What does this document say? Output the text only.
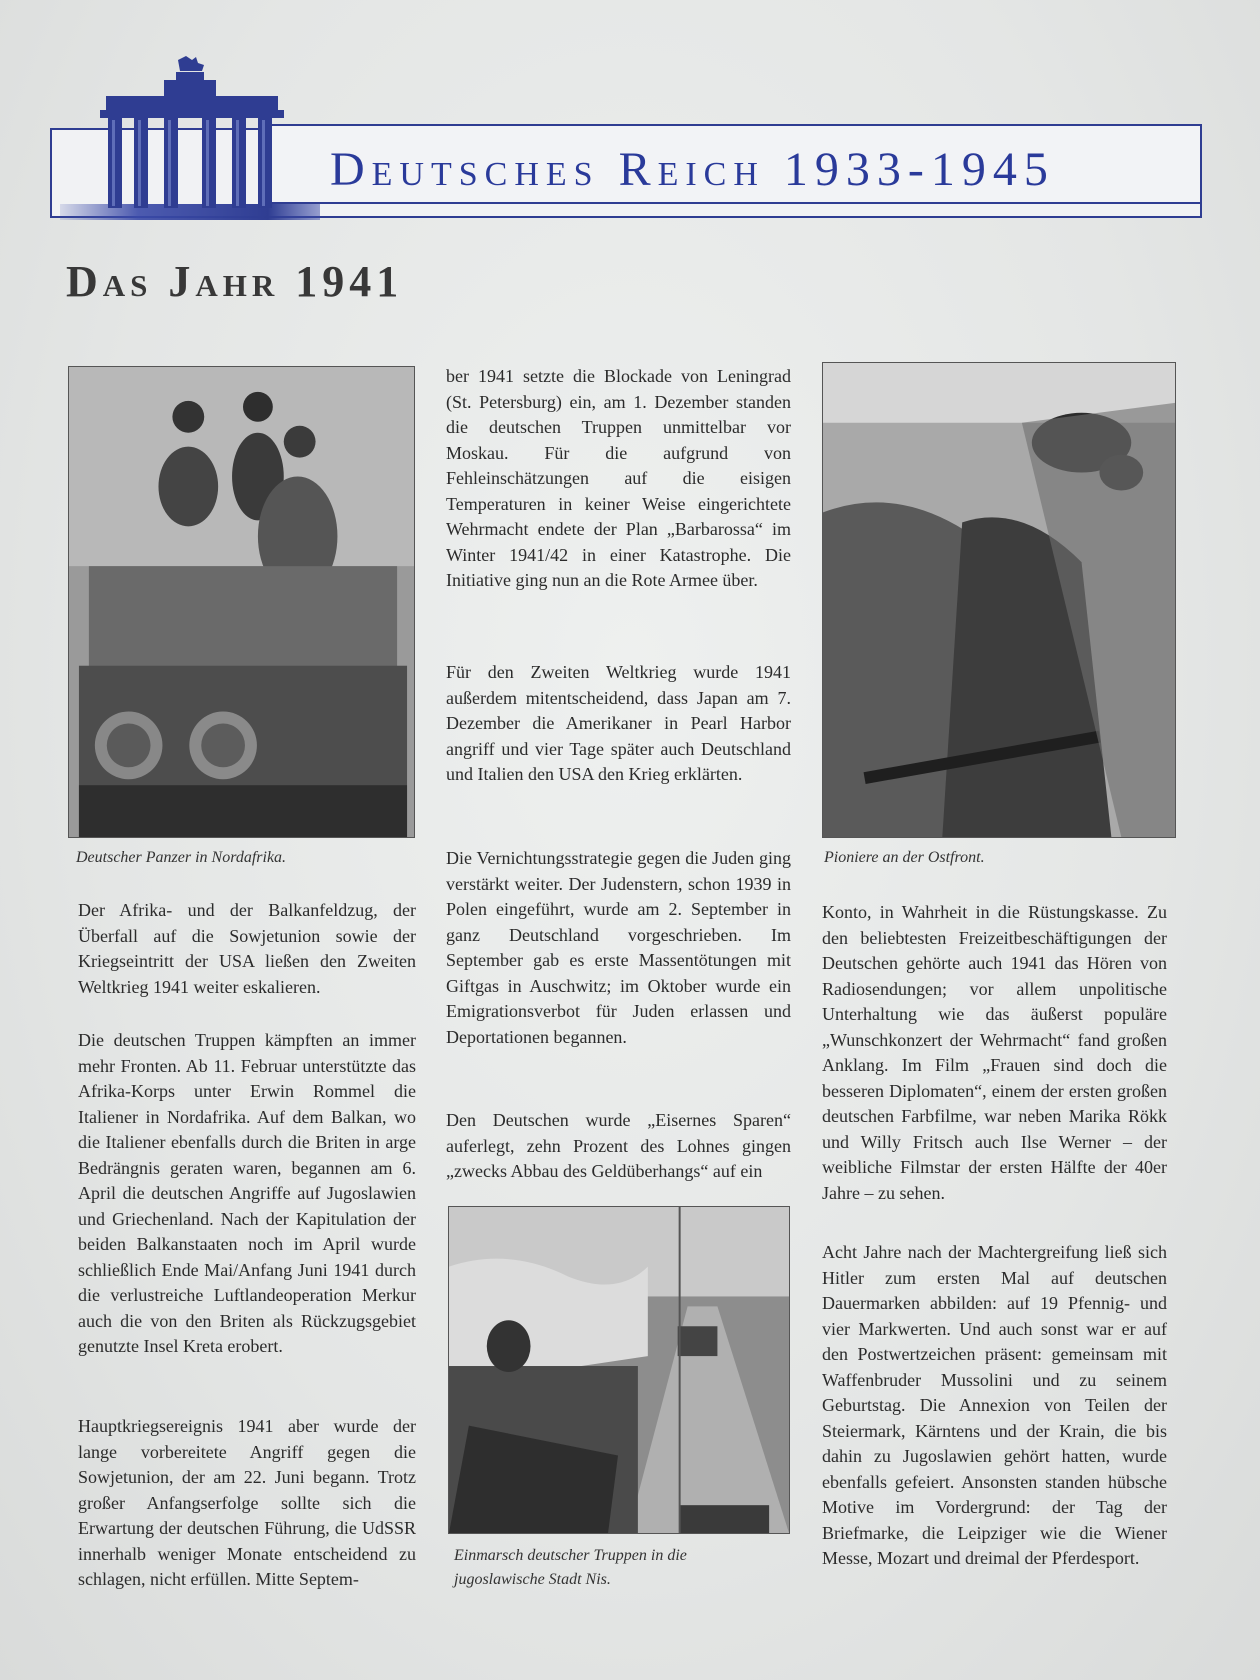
Deutsches Reich 1933-1945
Das Jahr 1941
Deutscher Panzer in Nordafrika.	Pioniere an der Ostfront.
Einmarsch deutscher Truppen in die
jugoslawische Stadt Nis.
Der Afrika- und der Balkanfeldzug, der Überfall auf die Sowjetunion sowie der Kriegseintritt der USA ließen den Zweiten Weltkrieg 1941 weiter eskalieren.
Die deutschen Truppen kämpften an immer mehr Fronten. Ab 11. Februar unterstützte das Afrika-Korps unter Erwin Rommel die Italiener in Nordafrika. Auf dem Balkan, wo die Italiener ebenfalls durch die Briten in arge Bedrängnis geraten waren, begannen am 6. April die deutschen Angriffe auf Jugoslawien und Griechenland. Nach der Kapitulation der beiden Balkanstaaten noch im April wurde schließlich Ende Mai/Anfang Juni 1941 durch die verlustreiche Luftlandeoperation Merkur auch die von den Briten als Rückzugsgebiet genutzte Insel Kreta erobert.
Hauptkriegsereignis 1941 aber wurde der lange vorbereitete Angriff gegen die Sowjetunion, der am 22. Juni begann. Trotz großer Anfangserfolge sollte sich die Erwartung der deutschen Führung, die UdSSR innerhalb weniger Monate entscheidend zu schlagen, nicht erfüllen. Mitte Septem-
ber 1941 setzte die Blockade von Leningrad (St. Petersburg) ein, am 1. Dezember standen die deutschen Truppen unmittelbar vor Moskau. Für die aufgrund von Fehleinschätzungen auf die eisigen Temperaturen in keiner Weise eingerichtete Wehrmacht endete der Plan „Barbarossa“ im Winter 1941/42 in einer Katastrophe. Die Initiative ging nun an die Rote Armee über.
Für den Zweiten Weltkrieg wurde 1941 außerdem mitentscheidend, dass Japan am 7. Dezember die Amerikaner in Pearl Harbor angriff und vier Tage später auch Deutschland und Italien den USA den Krieg erklärten.
Die Vernichtungsstrategie gegen die Juden ging verstärkt weiter. Der Judenstern, schon 1939 in Polen eingeführt, wurde am 2. September in ganz Deutschland vorgeschrieben. Im September gab es erste Massentötungen mit Giftgas in Auschwitz; im Oktober wurde ein Emigrationsverbot für Juden erlassen und Deportationen begannen.
Den Deutschen wurde „Eisernes Sparen“ auferlegt, zehn Prozent des Lohnes gingen „zwecks Abbau des Geldüberhangs“ auf ein
Konto, in Wahrheit in die Rüstungskasse. Zu den beliebtesten Freizeitbeschäftigungen der Deutschen gehörte auch 1941 das Hören von Radiosendungen; vor allem unpolitische Unterhaltung wie das äußerst populäre „Wunschkonzert der Wehrmacht“ fand großen Anklang. Im Film „Frauen sind doch die besseren Diplomaten“, einem der ersten großen deutschen Farbfilme, war neben Marika Rökk und Willy Fritsch auch Ilse Werner – der weibliche Filmstar der ersten Hälfte der 40er Jahre – zu sehen.
Acht Jahre nach der Machtergreifung ließ sich Hitler zum ersten Mal auf deutschen Dauermarken abbilden: auf 19 Pfennig- und vier Markwerten. Und auch sonst war er auf den Postwertzeichen präsent: gemeinsam mit Waffenbruder Mussolini und zu seinem Geburtstag. Die Annexion von Teilen der Steiermark, Kärntens und der Krain, die bis dahin zu Jugoslawien gehört hatten, wurde ebenfalls gefeiert. Ansonsten standen hübsche Motive im Vordergrund: der Tag der Briefmarke, die Leipziger wie die Wiener Messe, Mozart und dreimal der Pferdesport.
